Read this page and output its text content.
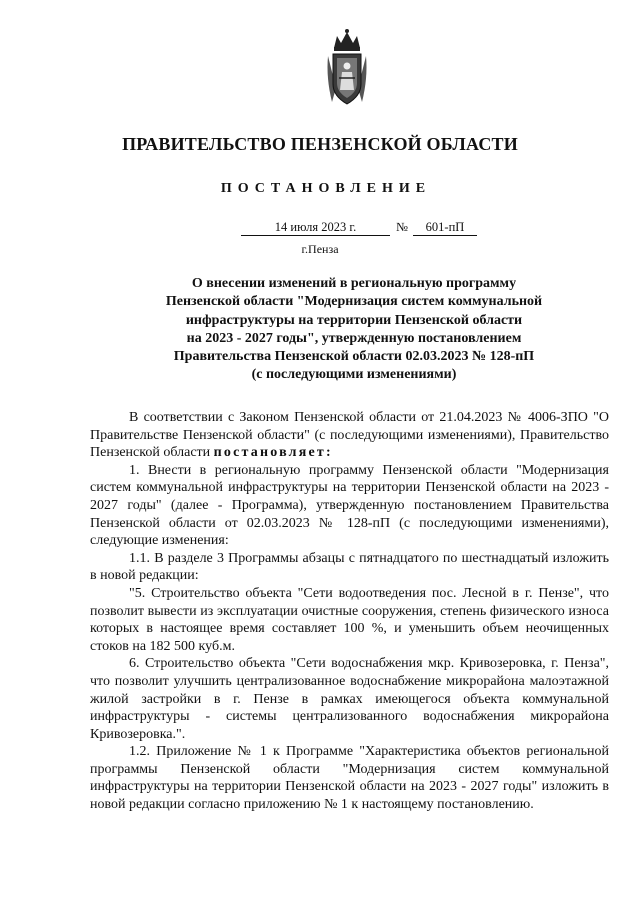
ПРАВИТЕЛЬСТВО ПЕНЗЕНСКОЙ ОБЛАСТИ
ПОСТАНОВЛЕНИЕ
14 июля 2023 г.	№	601-пП
г.Пенза
О внесении изменений в региональную программу
Пензенской области "Модернизация систем коммунальной
инфраструктуры на территории Пензенской области
на 2023 - 2027 годы", утвержденную постановлением
Правительства Пензенской области 02.03.2023 № 128-пП
(с последующими изменениями)

В соответствии с Законом Пензенской области от 21.04.2023 № 4006-ЗПО "О Правительстве Пензенской области" (с последующими изменениями), Правительство Пензенской области постановляет:

1. Внести в региональную программу Пензенской области "Модернизация систем коммунальной инфраструктуры на территории Пензенской области на 2023 - 2027 годы" (далее - Программа), утвержденную постановлением Правительства Пензенской области от 02.03.2023 № 128-пП (с последующими изменениями), следующие изменения:

1.1. В разделе 3 Программы абзацы с пятнадцатого по шестнадцатый изложить в новой редакции:

"5. Строительство объекта "Сети водоотведения пос. Лесной в г. Пензе", что позволит вывести из эксплуатации очистные сооружения, степень физического износа которых в настоящее время составляет 100 %, и уменьшить объем неочищенных стоков на 182 500 куб.м.

6. Строительство объекта "Сети водоснабжения мкр. Кривозеровка, г. Пенза", что позволит улучшить централизованное водоснабжение микрорайона малоэтажной жилой застройки в г. Пензе в рамках имеющегося объекта коммунальной инфраструктуры - системы централизованного водоснабжения микрорайона Кривозеровка.".

1.2. Приложение № 1 к Программе "Характеристика объектов региональной программы Пензенской области "Модернизация систем коммунальной инфраструктуры на территории Пензенской области на 2023 - 2027 годы" изложить в новой редакции согласно приложению № 1 к настоящему постановлению.
